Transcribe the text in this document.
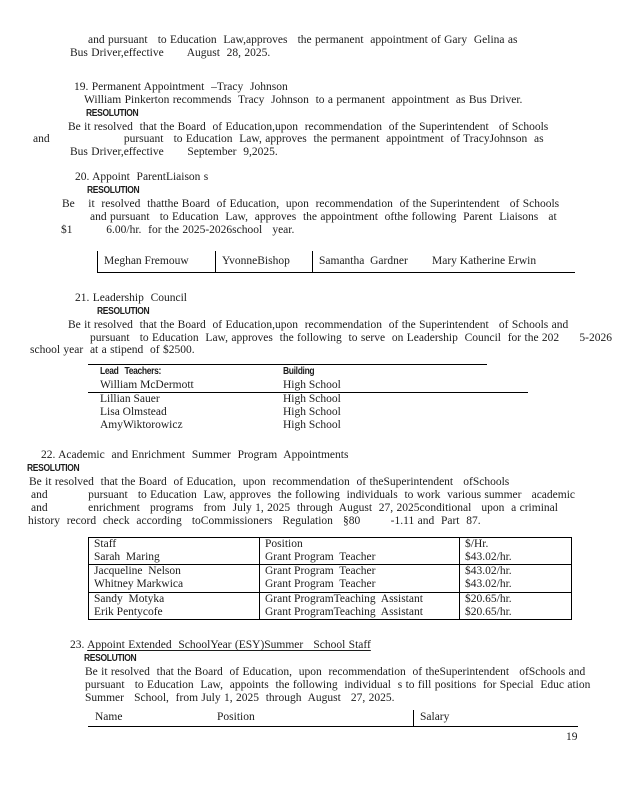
and pursuant   to Education  Law,approves   the permanent  appointment of Gary  Gelina as
Bus Driver,effective       August  28, 2025.
19. Permanent Appointment  –Tracy  Johnson
William Pinkerton recommends  Tracy  Johnson  to a permanent  appointment  as Bus Driver.
RESOLUTION
Be it resolved  that the Board  of Education,upon  recommendation  of the Superintendent   of Schools
and                      pursuant   to Education  Law, approves  the permanent  appointment  of TracyJohnson  as
Bus Driver,effective       September  9,2025.
20. Appoint  ParentLiaison s
RESOLUTION
Be    it  resolved  thatthe Board  of Education,  upon  recommendation  of the Superintendent   of Schools
and pursuant   to Education  Law,  approves  the appointment  ofthe following  Parent  Liaisons   at
$1          6.00/hr.  for the 2025-2026school   year.
Meghan Fremouw	YvonneBishop	Samantha  Gardner	Mary Katherine Erwin
21. Leadership  Council
RESOLUTION
Be it resolved  that the Board  of Education,upon  recommendation  of the Superintendent   of Schools and
pursuant   to Education  Law, approves  the following  to serve  on Leadership  Council  for the 202      5-2026
school year  at a stipend  of $2500.
Lead   Teachers:	Building
William McDermott	High School
Lillian Sauer	High School
Lisa Olmstead	High School
AmyWiktorowicz	High School
22. Academic  and Enrichment  Summer  Program  Appointments
RESOLUTION
Be it resolved  that the Board  of Education,  upon  recommendation  of theSuperintendent   ofSchools
and            pursuant   to Education  Law, approves  the following  individuals  to work  various summer   academic
and            enrichment   programs   from  July 1, 2025  through  August  27, 2025conditional   upon  a criminal
history  record  check  according   toCommissioners   Regulation   §80         -1.11 and  Part  87.
Staff	Position	$/Hr.
Sarah  Maring	Grant Program  Teacher	$43.02/hr.
Jacqueline  Nelson	Grant Program  Teacher	$43.02/hr.
Whitney Markwica	Grant Program  Teacher	$43.02/hr.
Sandy  Motyka	Grant ProgramTeaching  Assistant	$20.65/hr.
Erik Pentycofe	Grant ProgramTeaching  Assistant	$20.65/hr.
23. Appoint Extended  SchoolYear (ESY)Summer   School Staff
RESOLUTION
Be it resolved  that the Board  of Education,  upon  recommendation  of theSuperintendent   ofSchools and
pursuant   to Education  Law,  appoints  the following  individual  s to fill positions  for Special  Educ ation
Summer   School,  from July 1, 2025  through  August   27, 2025.
Name	Position	Salary
19
